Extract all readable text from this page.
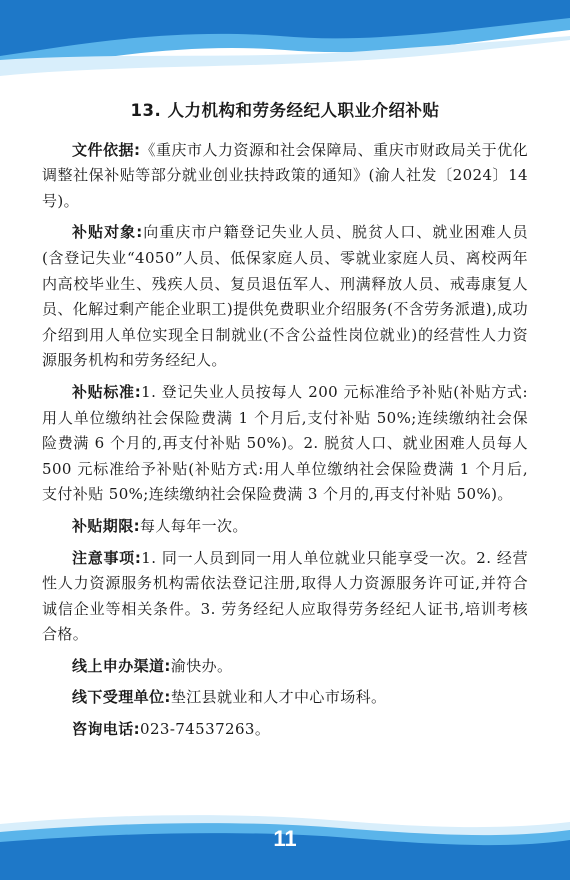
13. 人力机构和劳务经纪人职业介绍补贴

文件依据:《重庆市人力资源和社会保障局、重庆市财政局关于优化调整社保补贴等部分就业创业扶持政策的通知》(渝人社发〔2024〕14 号)。

补贴对象:向重庆市户籍登记失业人员、脱贫人口、就业困难人员(含登记失业“4050”人员、低保家庭人员、零就业家庭人员、离校两年内高校毕业生、残疾人员、复员退伍军人、刑满释放人员、戒毒康复人员、化解过剩产能企业职工)提供免费职业介绍服务(不含劳务派遣),成功介绍到用人单位实现全日制就业(不含公益性岗位就业)的经营性人力资源服务机构和劳务经纪人。

补贴标准:1. 登记失业人员按每人 200 元标准给予补贴(补贴方式:用人单位缴纳社会保险费满 1 个月后,支付补贴 50%;连续缴纳社会保险费满 6 个月的,再支付补贴 50%)。2. 脱贫人口、就业困难人员每人 500 元标准给予补贴(补贴方式:用人单位缴纳社会保险费满 1 个月后,支付补贴 50%;连续缴纳社会保险费满 3 个月的,再支付补贴 50%)。

补贴期限:每人每年一次。

注意事项:1. 同一人员到同一用人单位就业只能享受一次。2. 经营性人力资源服务机构需依法登记注册,取得人力资源服务许可证,并符合诚信企业等相关条件。3. 劳务经纪人应取得劳务经纪人证书,培训考核合格。

线上申办渠道:渝快办。

线下受理单位:垫江县就业和人才中心市场科。

咨询电话:023-74537263。

11
